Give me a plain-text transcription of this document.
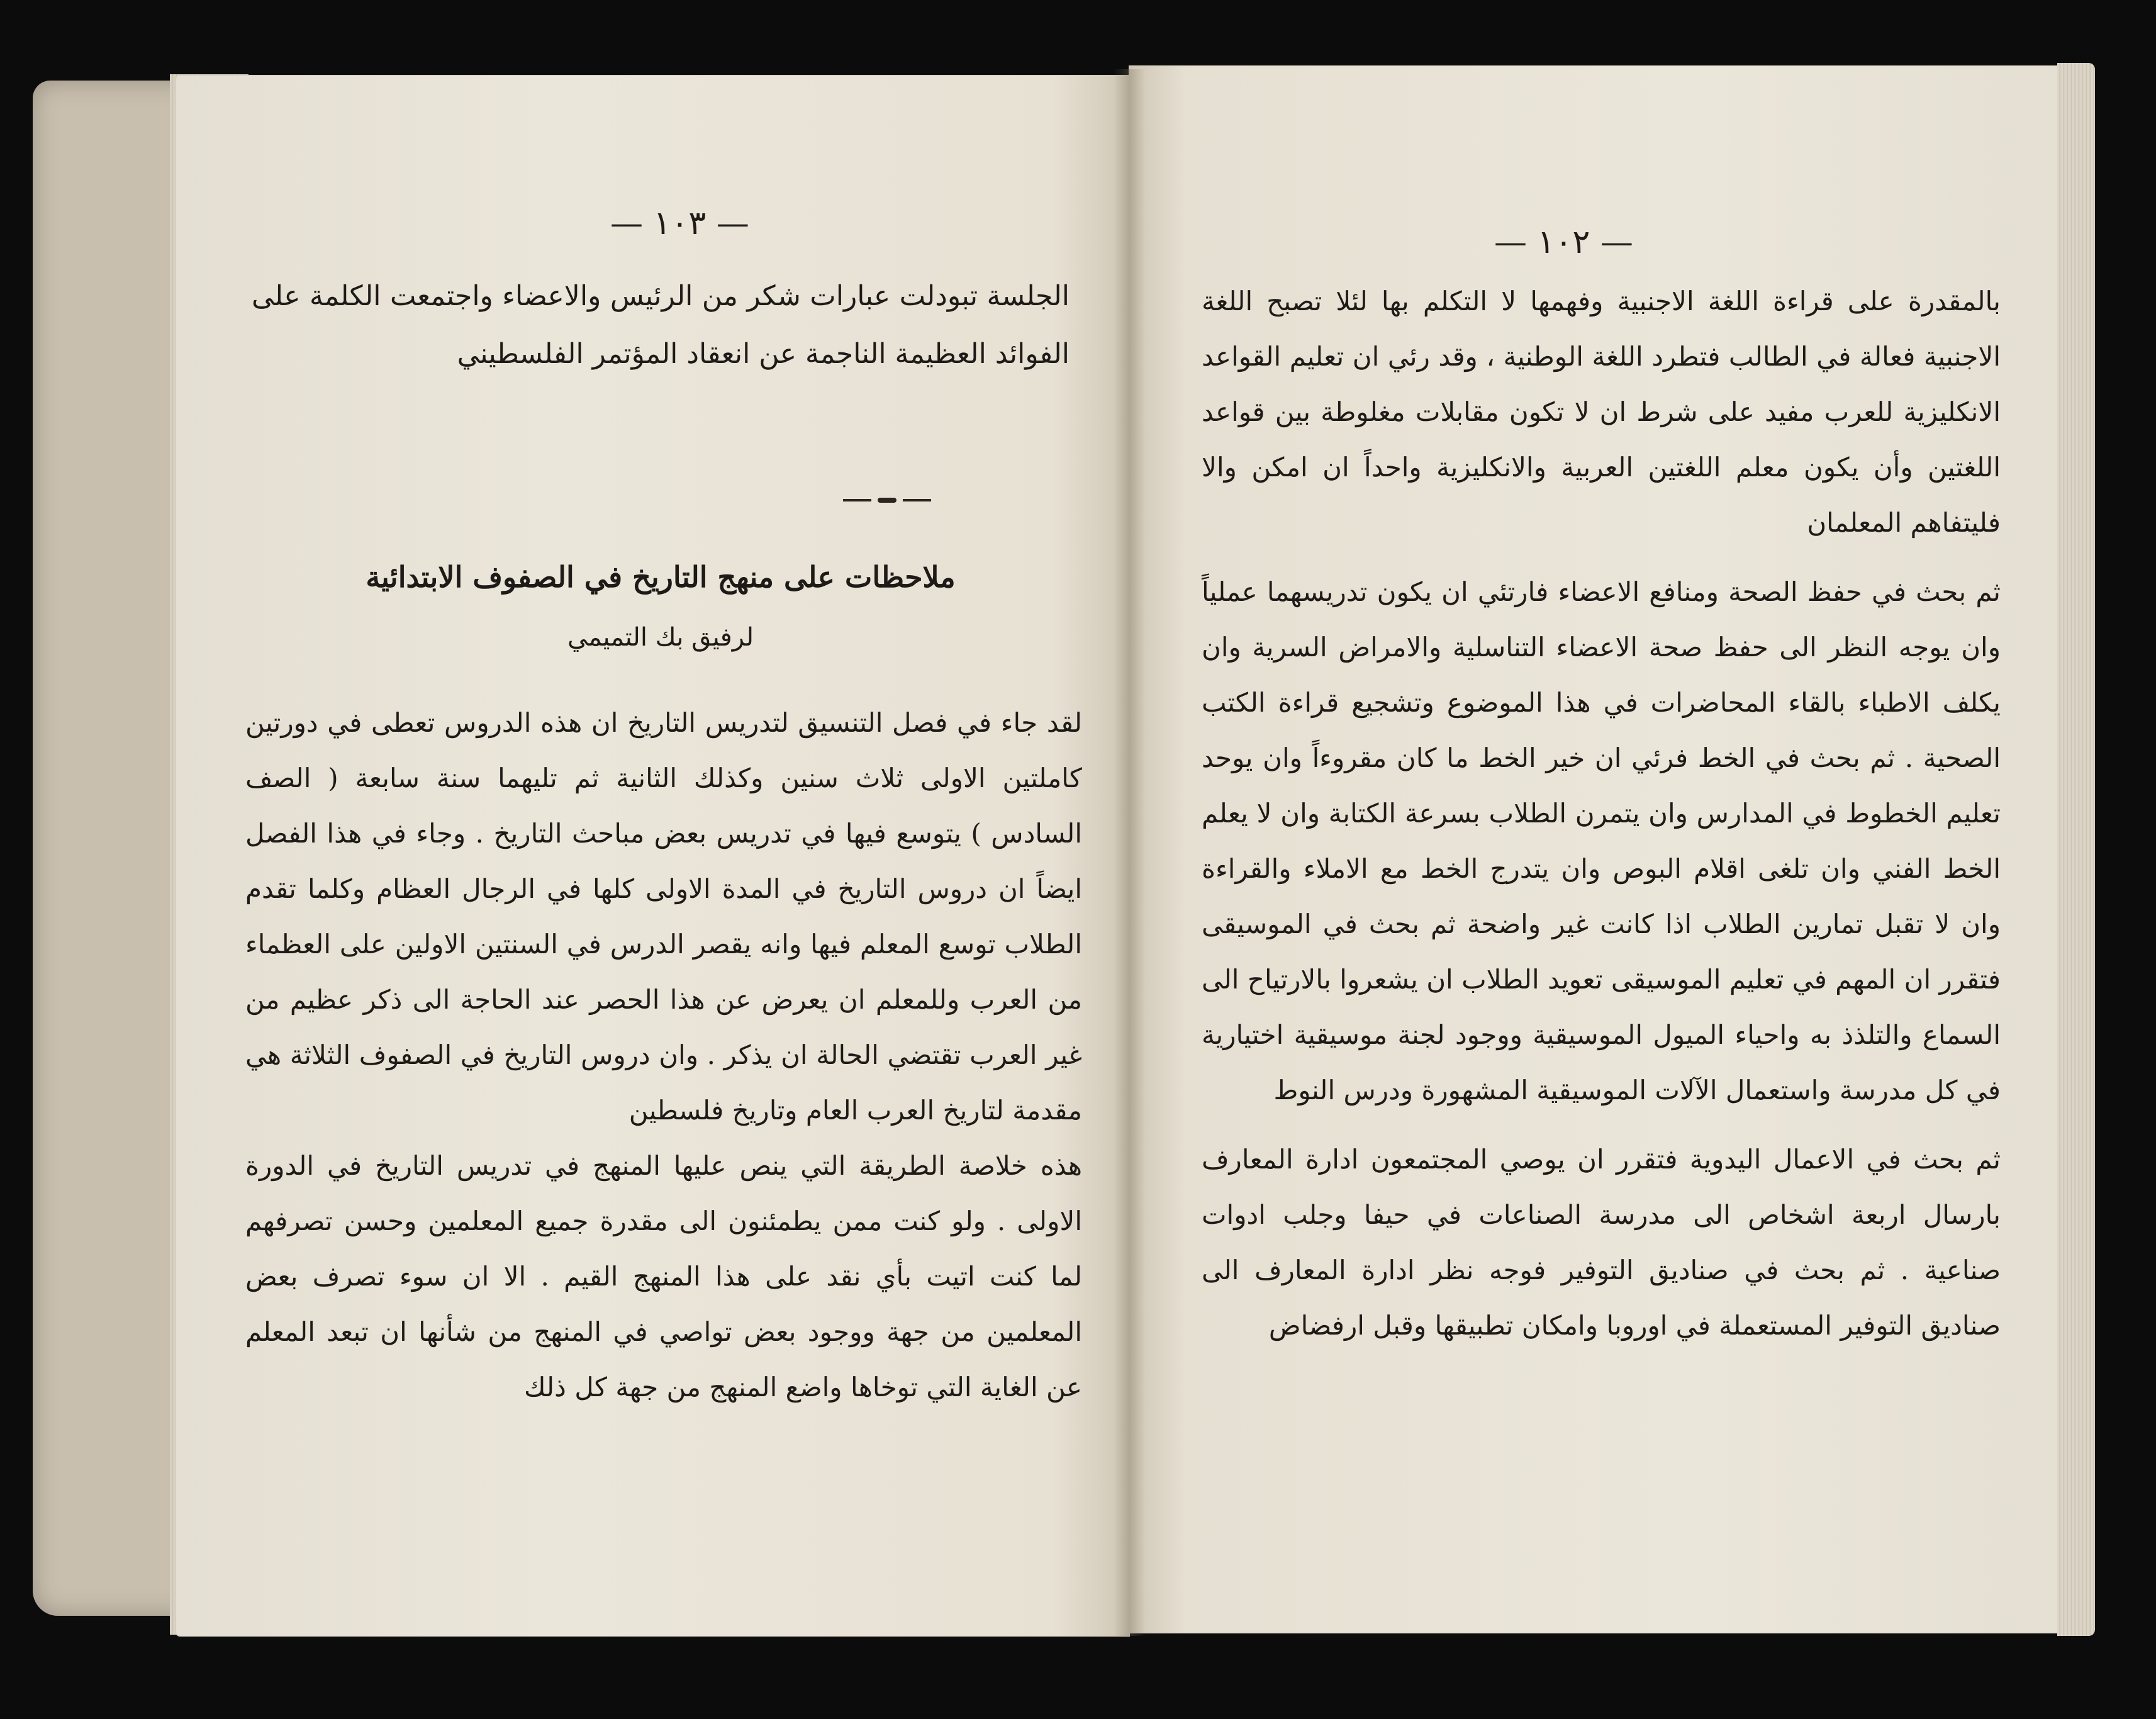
— ١٠٣ —

الجلسة تبودلت عبارات شكر من الرئيس والاعضاء واجتمعت الكلمة على الفوائد العظيمة الناجمة عن انعقاد المؤتمر الفلسطيني

ملاحظات على منهج التاريخ في الصفوف الابتدائية
لرفيق بك التميمي

لقد جاء في فصل التنسيق لتدريس التاريخ ان هذه الدروس تعطى في دورتين كاملتين الاولى ثلاث سنين وكذلك الثانية ثم تليهما سنة سابعة ( الصف السادس ) يتوسع فيها في تدريس بعض مباحث التاريخ . وجاء في هذا الفصل ايضاً ان دروس التاريخ في المدة الاولى كلها في الرجال العظام وكلما تقدم الطلاب توسع المعلم فيها وانه يقصر الدرس في السنتين الاولين على العظماء من العرب وللمعلم ان يعرض عن هذا الحصر عند الحاجة الى ذكر عظيم من غير العرب تقتضي الحالة ان يذكر . وان دروس التاريخ في الصفوف الثلاثة هي مقدمة لتاريخ العرب العام وتاريخ فلسطين

هذه خلاصة الطريقة التي ينص عليها المنهج في تدريس التاريخ في الدورة الاولى . ولو كنت ممن يطمئنون الى مقدرة جميع المعلمين وحسن تصرفهم لما كنت اتيت بأي نقد على هذا المنهج القيم . الا ان سوء تصرف بعض المعلمين من جهة ووجود بعض تواصي في المنهج من شأنها ان تبعد المعلم عن الغاية التي توخاها واضع المنهج من جهة كل ذلك

— ١٠٢ —

بالمقدرة على قراءة اللغة الاجنبية وفهمها لا التكلم بها لئلا تصبح اللغة الاجنبية فعالة في الطالب فتطرد اللغة الوطنية ، وقد رئي ان تعليم القواعد الانكليزية للعرب مفيد على شرط ان لا تكون مقابلات مغلوطة بين قواعد اللغتين وأن يكون معلم اللغتين العربية والانكليزية واحداً ان امكن والا فليتفاهم المعلمان

ثم بحث في حفظ الصحة ومنافع الاعضاء فارتئي ان يكون تدريسهما عملياً وان يوجه النظر الى حفظ صحة الاعضاء التناسلية والامراض السرية وان يكلف الاطباء بالقاء المحاضرات في هذا الموضوع وتشجيع قراءة الكتب الصحية . ثم بحث في الخط فرئي ان خير الخط ما كان مقروءاً وان يوحد تعليم الخطوط في المدارس وان يتمرن الطلاب بسرعة الكتابة وان لا يعلم الخط الفني وان تلغى اقلام البوص وان يتدرج الخط مع الاملاء والقراءة وان لا تقبل تمارين الطلاب اذا كانت غير واضحة ثم بحث في الموسيقى فتقرر ان المهم في تعليم الموسيقى تعويد الطلاب ان يشعروا بالارتياح الى السماع والتلذذ به واحياء الميول الموسيقية ووجود لجنة موسيقية اختيارية في كل مدرسة واستعمال الآلات الموسيقية المشهورة ودرس النوط

ثم بحث في الاعمال اليدوية فتقرر ان يوصي المجتمعون ادارة المعارف بارسال اربعة اشخاص الى مدرسة الصناعات في حيفا وجلب ادوات صناعية . ثم بحث في صناديق التوفير فوجه نظر ادارة المعارف الى صناديق التوفير المستعملة في اوروبا وامكان تطبيقها وقبل ارفضاض
